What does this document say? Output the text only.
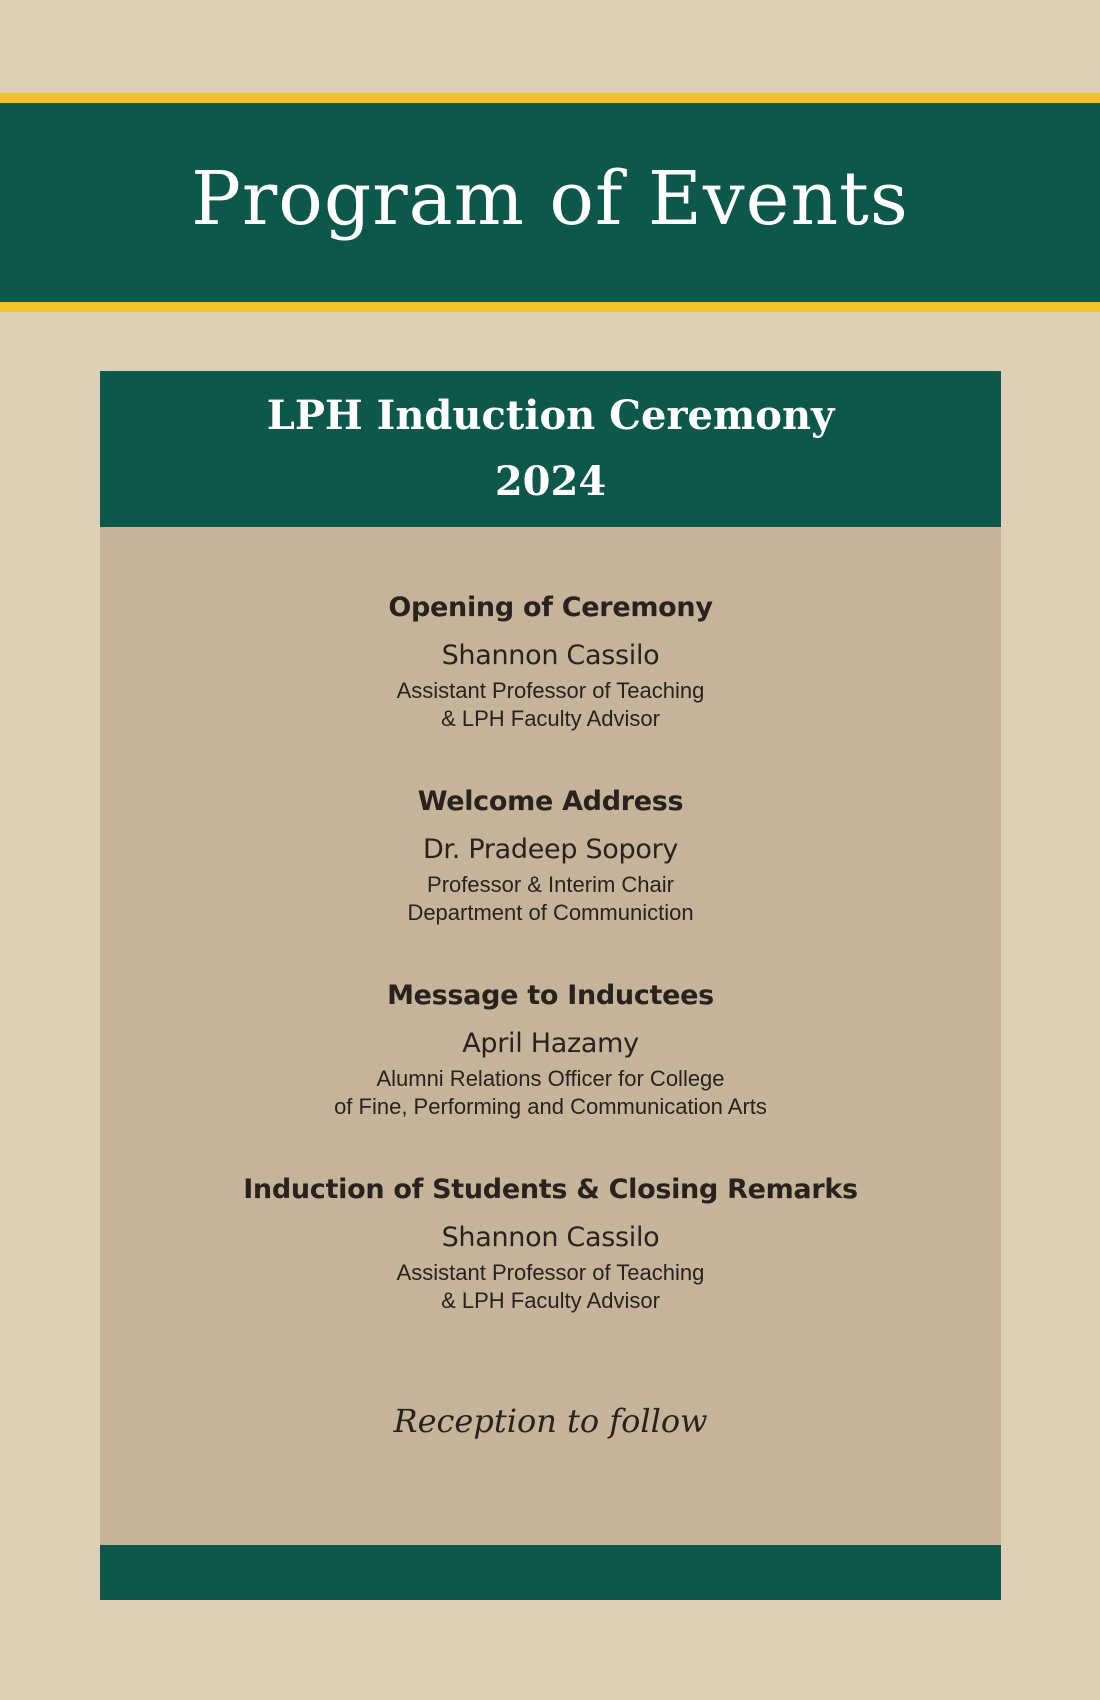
Program of Events
LPH Induction Ceremony
2024
Opening of Ceremony
Shannon Cassilo
Assistant Professor of Teaching
& LPH Faculty Advisor
Welcome Address
Dr. Pradeep Sopory
Professor & Interim Chair
Department of Communiction
Message to Inductees
April Hazamy
Alumni Relations Officer for College
of Fine, Performing and Communication Arts
Induction of Students & Closing Remarks
Shannon Cassilo
Assistant Professor of Teaching
& LPH Faculty Advisor
Reception to follow
